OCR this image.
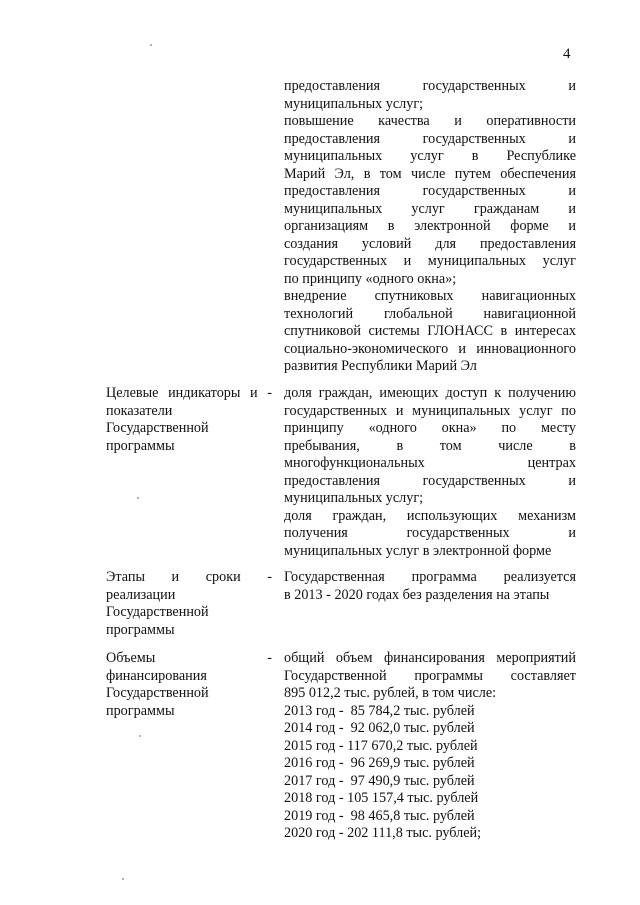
4
предоставления государственных и
муниципальных услуг;
повышение качества и оперативности
предоставления государственных и
муниципальных услуг в Республике
Марий Эл, в том числе путем обеспечения
предоставления государственных и
муниципальных услуг гражданам и
организациям в электронной форме и
создания условий для предоставления
государственных и муниципальных услуг
по принципу «одного окна»;
внедрение спутниковых навигационных
технологий глобальной навигационной
спутниковой системы ГЛОНАСС в интересах
социально-экономического и инновационного
развития Республики Марий Эл
Целевые индикаторы и -
показатели
Государственной
программы
доля граждан, имеющих доступ к получению
государственных и муниципальных услуг по
принципу «одного окна» по месту
пребывания, в том числе в
многофункциональных центрах
предоставления государственных и
муниципальных услуг;
доля граждан, использующих механизм
получения государственных и
муниципальных услуг в электронной форме
Этапы и сроки -
реализации
Государственной
программы
Государственная программа реализуется
в 2013 - 2020 годах без разделения на этапы
Объемы -
финансирования
Государственной
программы
общий объем финансирования мероприятий
Государственной программы составляет
895 012,2 тыс. рублей, в том числе:
2013 год -  85 784,2 тыс. рублей
2014 год -  92 062,0 тыс. рублей
2015 год - 117 670,2 тыс. рублей
2016 год -  96 269,9 тыс. рублей
2017 год -  97 490,9 тыс. рублей
2018 год - 105 157,4 тыс. рублей
2019 год -  98 465,8 тыс. рублей
2020 год - 202 111,8 тыс. рублей;
